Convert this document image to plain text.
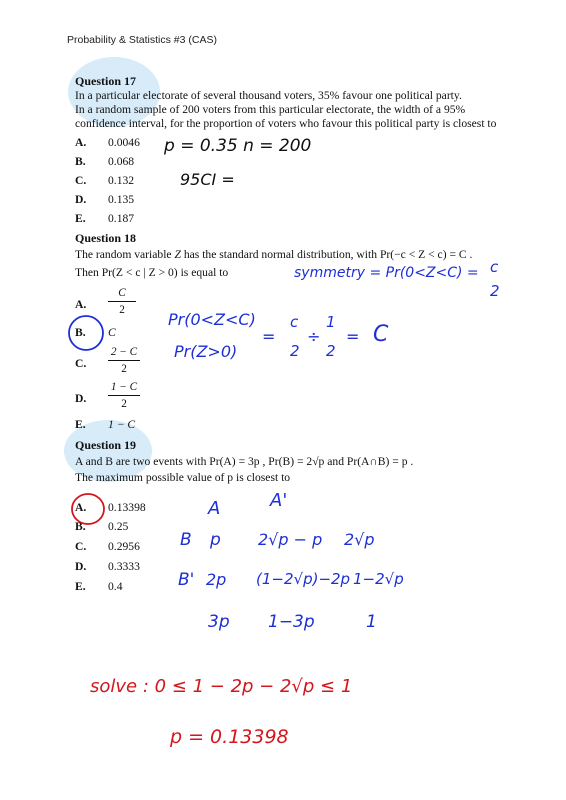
Probability & Statistics #3 (CAS)
Question 17
In a particular electorate of several thousand voters, 35% favour one political party.
In a random sample of 200 voters from this particular electorate, the width of a 95%
confidence interval, for the proportion of voters who favour this political party is closest to
A. 0.0046
B. 0.068
C. 0.132
D. 0.135
E. 0.187
p = 0.35 n = 200
95CI =
Question 18
The random variable Z has the standard normal distribution, with Pr(−c < Z < c) = C .
Then Pr(Z < c | Z > 0) is equal to
A. $\frac{C}{2}$
B. C
C. $\frac{2 - C}{2}$
D. $\frac{1 - C}{2}$
E. 1 − C
symmetry = Pr(0<Z<C) = c
2
Pr(0<Z<C)
Pr(Z>0)
=
c
2
÷
1
2
= C
Question 19
A and B are two events with Pr(A) = 3p , Pr(B) = 2√p and Pr(A∩B) = p .
The maximum possible value of p is closest to
A. 0.13398
B. 0.25
C. 0.2956
D. 0.3333
E. 0.4
A	A'
B p 2√p − p 2√p
B' 2p (1−2√p)−2p 1−2√p
3p 1−3p	1
solve : 0 ≤ 1 − 2p − 2√p ≤ 1
p = 0.13398
